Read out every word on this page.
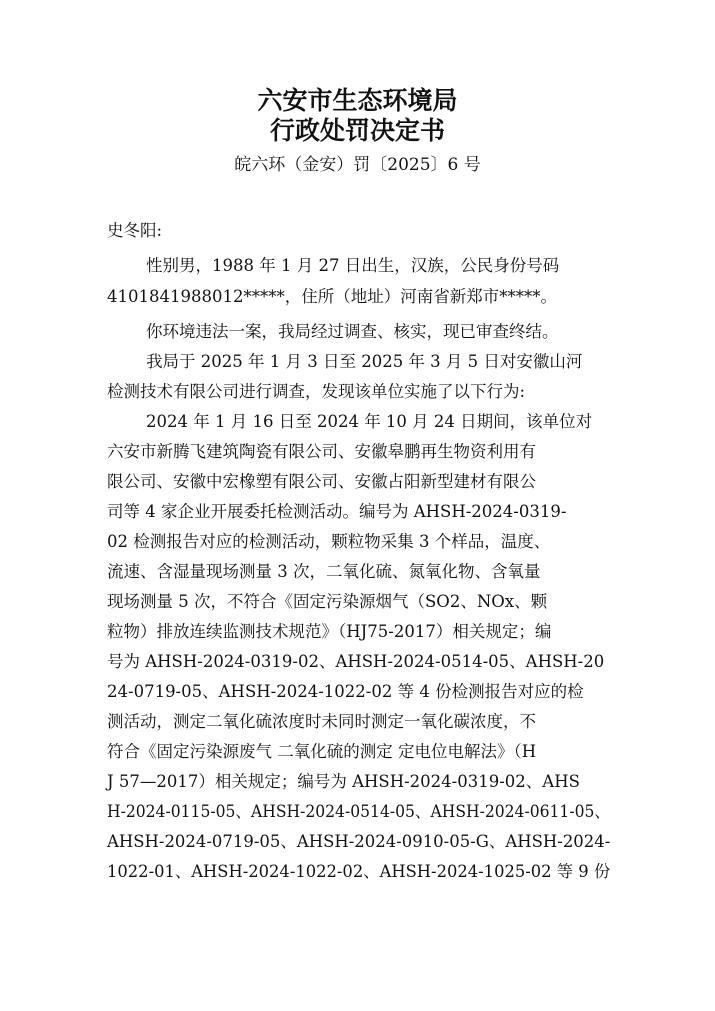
六安市生态环境局
行政处罚决定书
皖六环（金安）罚〔2025〕6 号
史冬阳:
性别男，1988 年 1 月 27 日出生，汉族，公民身份号码
4101841988012*****，住所（地址）河南省新郑市*****。
你环境违法一案，我局经过调查、核实，现已审查终结。
我局于 2025 年 1 月 3 日至 2025 年 3 月 5 日对安徽山河
检测技术有限公司进行调查，发现该单位实施了以下行为:
2024 年 1 月 16 日至 2024 年 10 月 24 日期间，该单位对
六安市新腾飞建筑陶瓷有限公司、安徽皋鹏再生物资利用有
限公司、安徽中宏橡塑有限公司、安徽占阳新型建材有限公
司等 4 家企业开展委托检测活动。编号为 AHSH-2024-0319-
02 检测报告对应的检测活动，颗粒物采集 3 个样品，温度、
流速、含湿量现场测量 3 次，二氧化硫、氮氧化物、含氧量
现场测量 5 次，不符合《固定污染源烟气（SO2、NOx、颗
粒物）排放连续监测技术规范》（HJ75-2017）相关规定；编
号为 AHSH-2024-0319-02、AHSH-2024-0514-05、AHSH-20
24-0719-05、AHSH-2024-1022-02 等 4 份检测报告对应的检
测活动，测定二氧化硫浓度时未同时测定一氧化碳浓度，不
符合《固定污染源废气 二氧化硫的测定 定电位电解法》（H
J 57—2017）相关规定；编号为 AHSH-2024-0319-02、AHS
H-2024-0115-05、AHSH-2024-0514-05、AHSH-2024-0611-05、
AHSH-2024-0719-05、AHSH-2024-0910-05-G、AHSH-2024-
1022-01、AHSH-2024-1022-02、AHSH-2024-1025-02 等 9 份
